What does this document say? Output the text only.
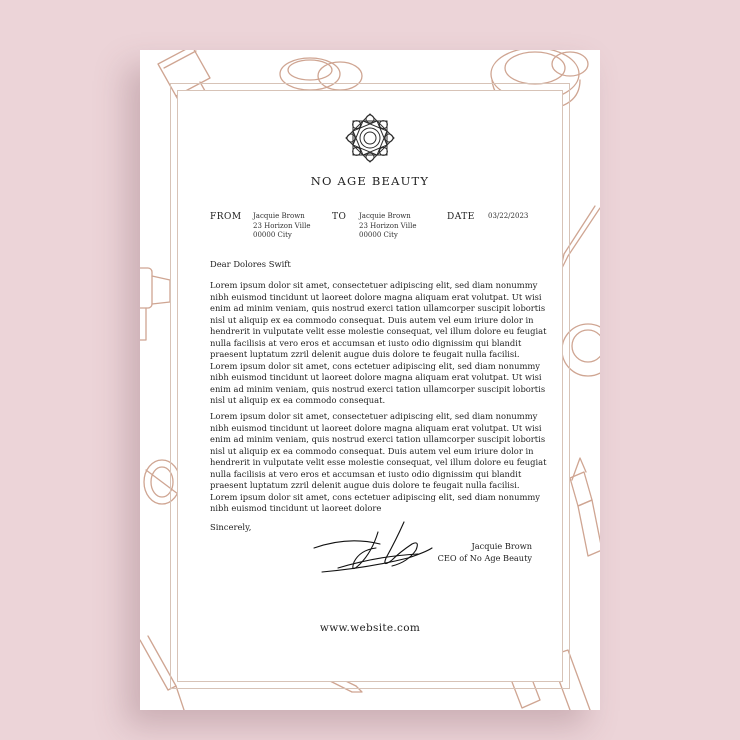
NO AGE BEAUTY
FROM Jacquie Brown
23 Horizon Ville
00000 City
TO Jacquie Brown
23 Horizon Ville
00000 City
DATE 03/22/2023
Dear Dolores Swift
Lorem ipsum dolor sit amet, consectetuer adipiscing elit, sed diam nonummy
nibh euismod tincidunt ut laoreet dolore magna aliquam erat volutpat. Ut wisi
enim ad minim veniam, quis nostrud exerci tation ullamcorper suscipit lobortis
nisl ut aliquip ex ea commodo consequat. Duis autem vel eum iriure dolor in
hendrerit in vulputate velit esse molestie consequat, vel illum dolore eu feugiat
nulla facilisis at vero eros et accumsan et iusto odio dignissim qui blandit
praesent luptatum zzril delenit augue duis dolore te feugait nulla facilisi.
Lorem ipsum dolor sit amet, cons ectetuer adipiscing elit, sed diam nonummy
nibh euismod tincidunt ut laoreet dolore magna aliquam erat volutpat. Ut wisi
enim ad minim veniam, quis nostrud exerci tation ullamcorper suscipit lobortis
nisl ut aliquip ex ea commodo consequat.
Lorem ipsum dolor sit amet, consectetuer adipiscing elit, sed diam nonummy
nibh euismod tincidunt ut laoreet dolore magna aliquam erat volutpat. Ut wisi
enim ad minim veniam, quis nostrud exerci tation ullamcorper suscipit lobortis
nisl ut aliquip ex ea commodo consequat. Duis autem vel eum iriure dolor in
hendrerit in vulputate velit esse molestie consequat, vel illum dolore eu feugiat
nulla facilisis at vero eros et accumsan et iusto odio dignissim qui blandit
praesent luptatum zzril delenit augue duis dolore te feugait nulla facilisi.
Lorem ipsum dolor sit amet, cons ectetuer adipiscing elit, sed diam nonummy
nibh euismod tincidunt ut laoreet dolore
Sincerely,
Jacquie Brown
CEO of No Age Beauty
www.website.com
